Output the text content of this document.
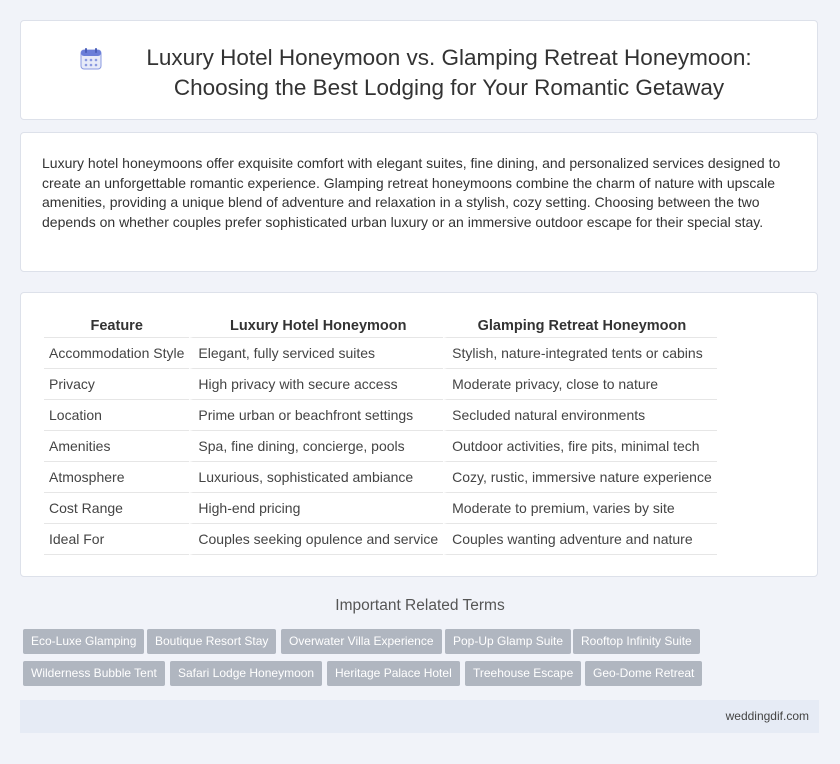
Luxury Hotel Honeymoon vs. Glamping Retreat Honeymoon:
Choosing the Best Lodging for Your Romantic Getaway

Luxury hotel honeymoons offer exquisite comfort with elegant suites, fine dining, and personalized services designed to create an unforgettable romantic experience. Glamping retreat honeymoons combine the charm of nature with upscale amenities, providing a unique blend of adventure and relaxation in a stylish, cozy setting. Choosing between the two depends on whether couples prefer sophisticated urban luxury or an immersive outdoor escape for their special stay.

Feature	Luxury Hotel Honeymoon	Glamping Retreat Honeymoon
Accommodation Style	Elegant, fully serviced suites	Stylish, nature-integrated tents or cabins
Privacy	High privacy with secure access	Moderate privacy, close to nature
Location	Prime urban or beachfront settings	Secluded natural environments
Amenities	Spa, fine dining, concierge, pools	Outdoor activities, fire pits, minimal tech
Atmosphere	Luxurious, sophisticated ambiance	Cozy, rustic, immersive nature experience
Cost Range	High-end pricing	Moderate to premium, varies by site
Ideal For	Couples seeking opulence and service	Couples wanting adventure and nature
Important Related Terms
Eco-Luxe Glamping	Boutique Resort Stay	Overwater Villa Experience	Pop-Up Glamp Suite	Rooftop Infinity Suite
Wilderness Bubble Tent	Safari Lodge Honeymoon	Heritage Palace Hotel	Treehouse Escape	Geo-Dome Retreat
weddingdif.com
